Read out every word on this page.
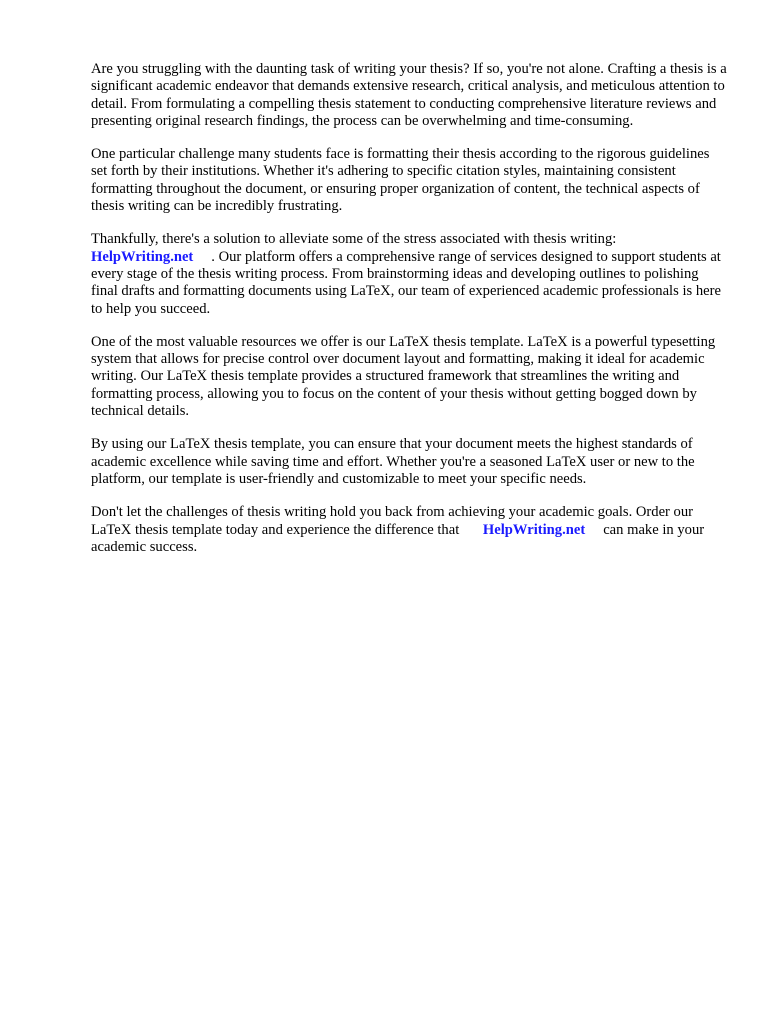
Are you struggling with the daunting task of writing your thesis? If so, you're not alone. Crafting a thesis is a significant academic endeavor that demands extensive research, critical analysis, and meticulous attention to detail. From formulating a compelling thesis statement to conducting comprehensive literature reviews and presenting original research findings, the process can be overwhelming and time-consuming.

One particular challenge many students face is formatting their thesis according to the rigorous guidelines set forth by their institutions. Whether it's adhering to specific citation styles, maintaining consistent formatting throughout the document, or ensuring proper organization of content, the technical aspects of thesis writing can be incredibly frustrating.

Thankfully, there's a solution to alleviate some of the stress associated with thesis writing:
HelpWriting.net . Our platform offers a comprehensive range of services designed to support students at every stage of the thesis writing process. From brainstorming ideas and developing outlines to polishing final drafts and formatting documents using LaTeX, our team of experienced academic professionals is here to help you succeed.

One of the most valuable resources we offer is our LaTeX thesis template. LaTeX is a powerful typesetting system that allows for precise control over document layout and formatting, making it ideal for academic writing. Our LaTeX thesis template provides a structured framework that streamlines the writing and formatting process, allowing you to focus on the content of your thesis without getting bogged down by technical details.

By using our LaTeX thesis template, you can ensure that your document meets the highest standards of academic excellence while saving time and effort. Whether you're a seasoned LaTeX user or new to the platform, our template is user-friendly and customizable to meet your specific needs.

Don't let the challenges of thesis writing hold you back from achieving your academic goals. Order our LaTeX thesis template today and experience the difference that HelpWriting.net can make in your academic success.
